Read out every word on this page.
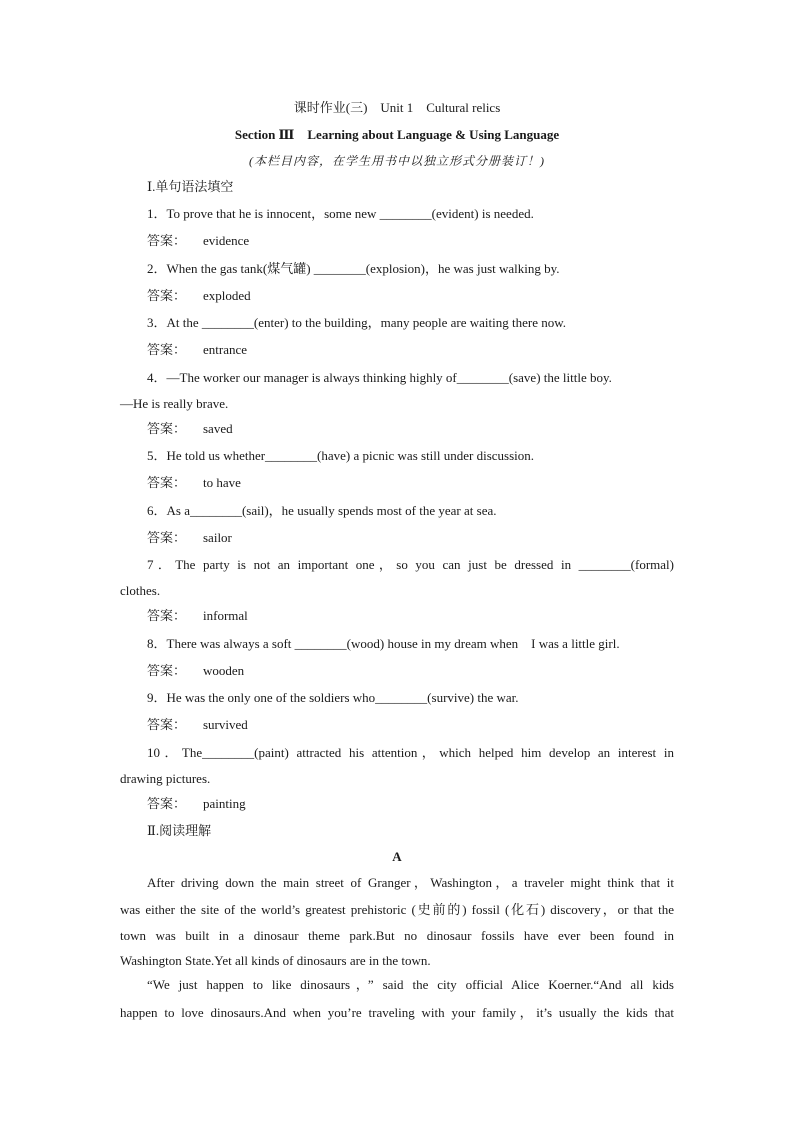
课时作业(三)　Unit 1　Cultural relics
Section Ⅲ　Learning about Language & Using Language
(本栏目内容，在学生用书中以独立形式分册装订！)
Ⅰ.单句语法填空
1．To prove that he is innocent，some new ________(evident) is needed.
答案： evidence
2．When the gas tank(煤气罐) ________(explosion)，he was just walking by.
答案： exploded
3．At the ________(enter) to the building，many people are waiting there now.
答案： entrance
4．—The worker our manager is always thinking highly of________(save) the little boy.
—He is really brave.
答案： saved
5．He told us whether________(have) a picnic was still under discussion.
答案： to have
6．As a________(sail)，he usually spends most of the year at sea.
答案： sailor
7．The party is not an important one，so you can just be dressed in ________(formal)
clothes.
答案： informal
8．There was always a soft ________(wood) house in my dream when　I was a little girl.
答案： wooden
9．He was the only one of the soldiers who________(survive) the war.
答案： survived
10．The________(paint) attracted his attention，which helped him develop an interest in
drawing pictures.
答案： painting
Ⅱ.阅读理解
A
After driving down the main street of Granger，Washington，a traveler might think that it
was either the site of the world’s greatest prehistoric (史前的) fossil (化石) discovery，or that the
town was built in a dinosaur theme park.But no dinosaur fossils have ever been found in
Washington State.Yet all kinds of dinosaurs are in the town.
“We just happen to like dinosaurs，” said the city official Alice Koerner.“And all kids
happen to love dinosaurs.And when you’re traveling with your family，it’s usually the kids that
